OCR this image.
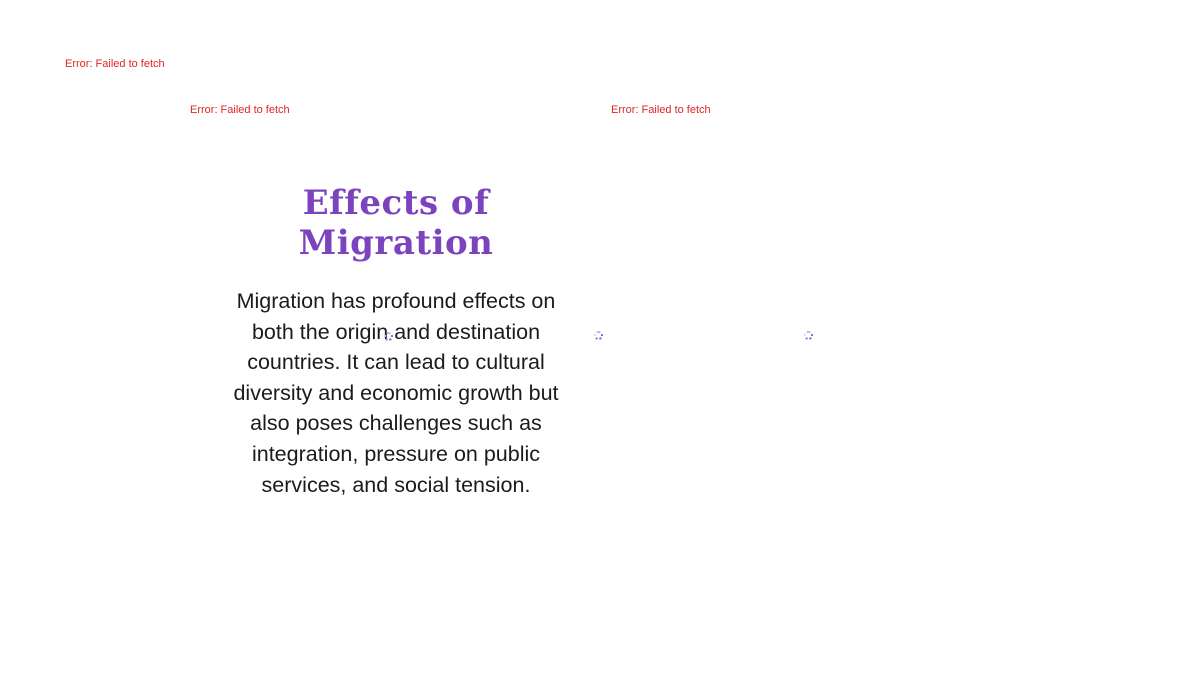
Error: Failed to fetch
Error: Failed to fetch	Error: Failed to fetch
Effects of Migration

Migration has profound effects on both the origin and destination countries. It can lead to cultural diversity and economic growth but also poses challenges such as integration, pressure on public services, and social tension.
